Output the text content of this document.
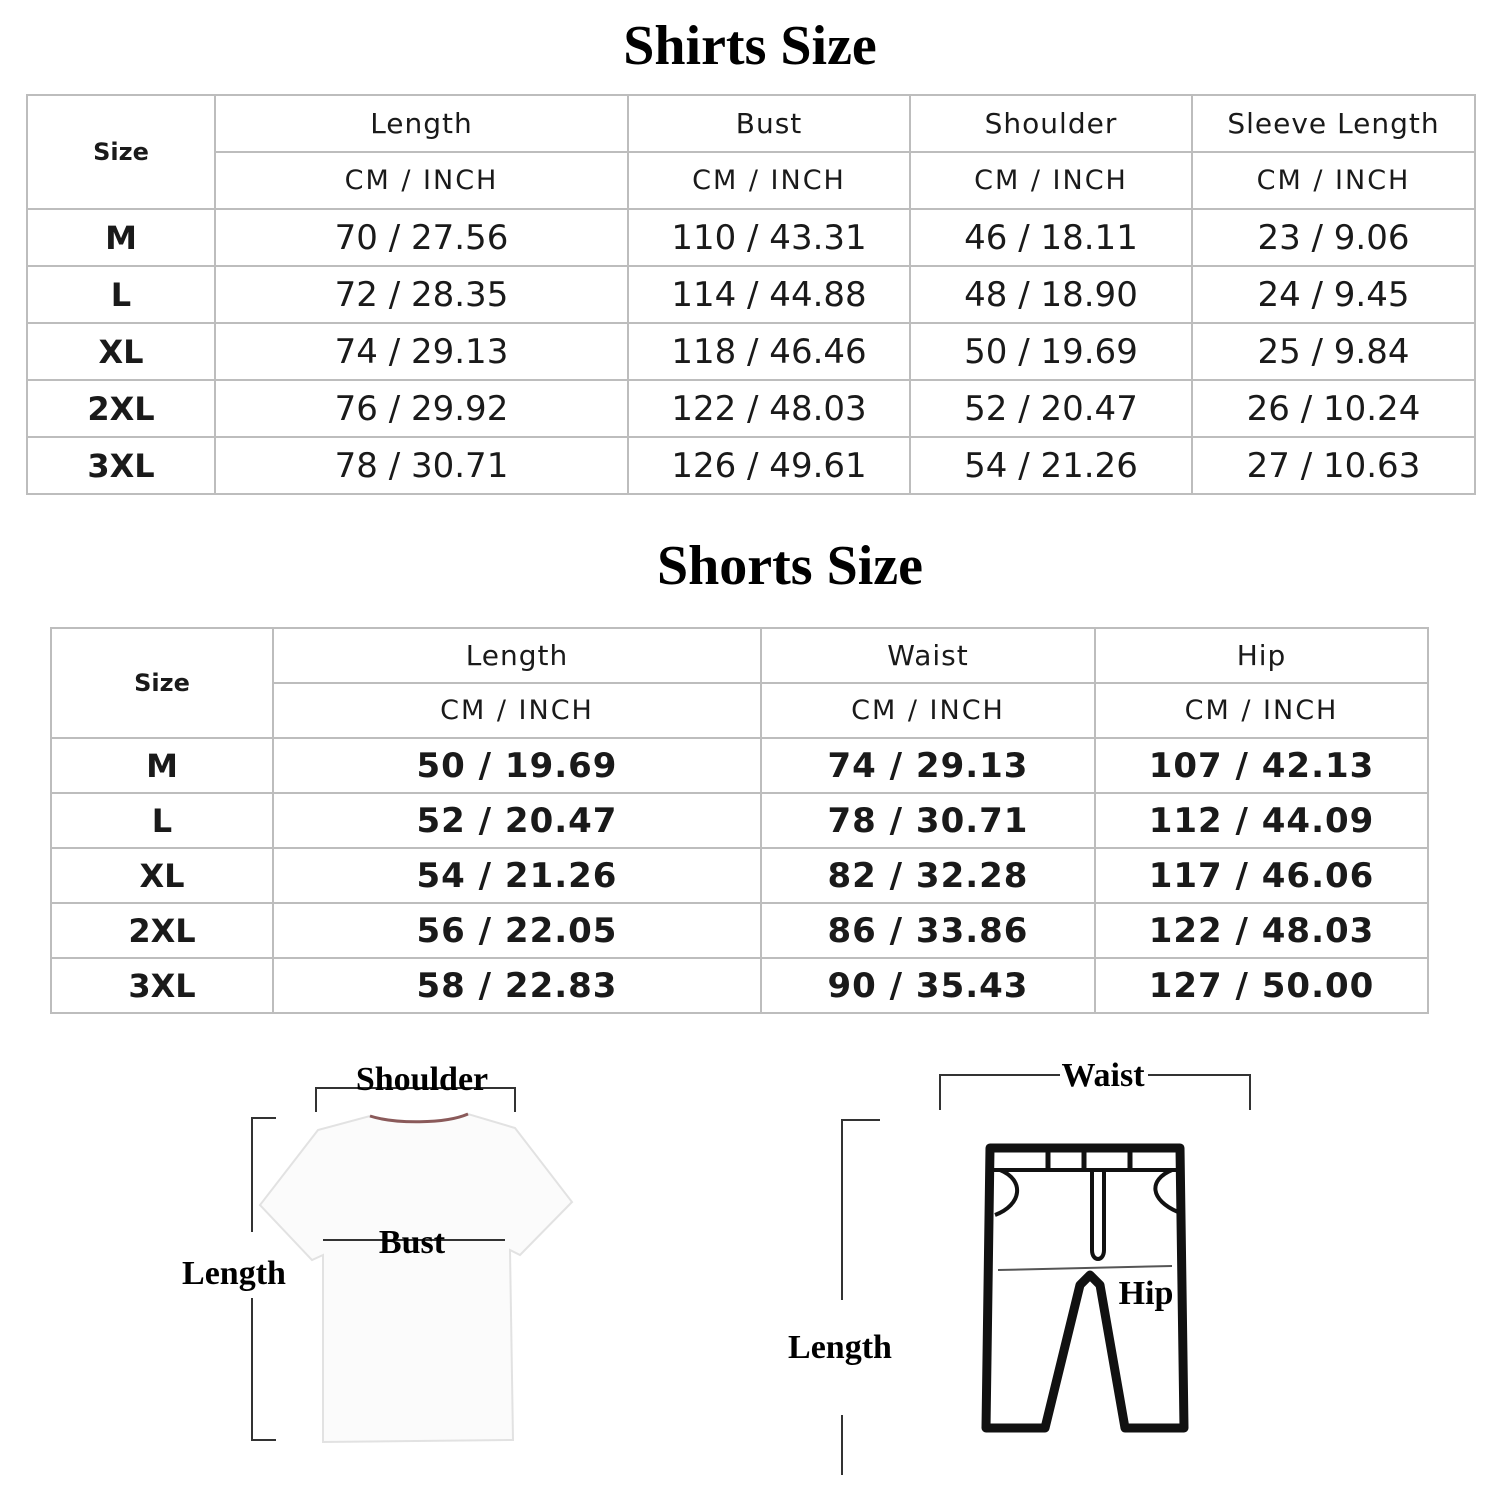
Shirts Size
Size	Length	Bust	Shoulder	Sleeve Length
	CM / INCH	CM / INCH	CM / INCH	CM / INCH
M	70 / 27.56	110 / 43.31	46 / 18.11	23 / 9.06
L	72 / 28.35	114 / 44.88	48 / 18.90	24 / 9.45
XL	74 / 29.13	118 / 46.46	50 / 19.69	25 / 9.84
2XL	76 / 29.92	122 / 48.03	52 / 20.47	26 / 10.24
3XL	78 / 30.71	126 / 49.61	54 / 21.26	27 / 10.63
Shorts Size
Size	Length	Waist	Hip
	CM / INCH	CM / INCH	CM / INCH
M	50 / 19.69	74 / 29.13	107 / 42.13
L	52 / 20.47	78 / 30.71	112 / 44.09
XL	54 / 21.26	82 / 32.28	117 / 46.06
2XL	56 / 22.05	86 / 33.86	122 / 48.03
3XL	58 / 22.83	90 / 35.43	127 / 50.00
Shoulder
Bust
Length
Waist
Hip
Length
